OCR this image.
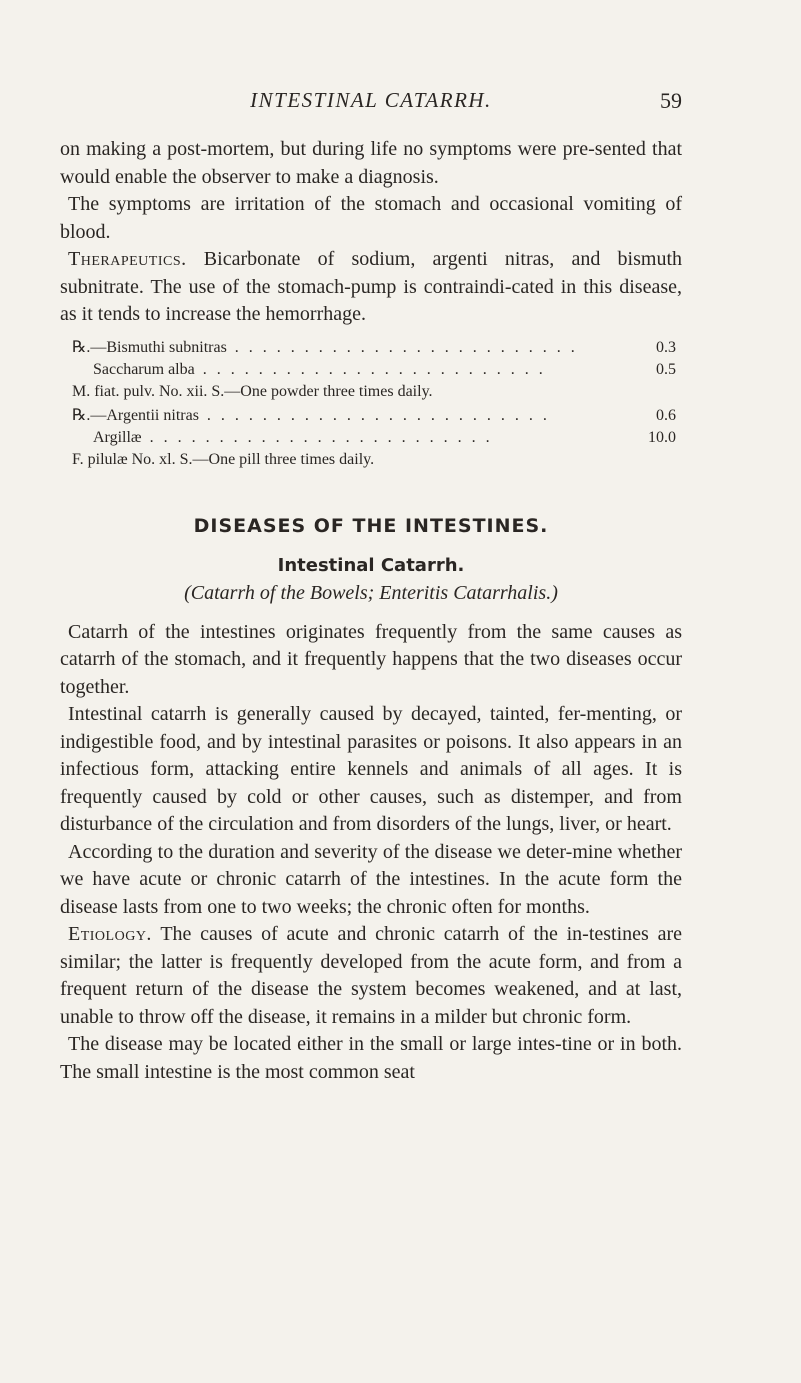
INTESTINAL CATARRH.	59

on making a post-mortem, but during life no symptoms were pre-sented that would enable the observer to make a diagnosis.

The symptoms are irritation of the stomach and occasional vomiting of blood.

Therapeutics. Bicarbonate of sodium, argenti nitras, and bismuth subnitrate. The use of the stomach-pump is contraindi-cated in this disease, as it tends to increase the hemorrhage.

℞.—Bismuthi subnitras .........................	0.3
Saccharum alba .........................	0.5
M. fiat. pulv. No. xii. S.—One powder three times daily.
℞.—Argentii nitras .........................	0.6
Argillæ .........................	10.0
F. pilulæ No. xl. S.—One pill three times daily.
DISEASES OF THE INTESTINES.
Intestinal Catarrh.
(Catarrh of the Bowels; Enteritis Catarrhalis.)

Catarrh of the intestines originates frequently from the same causes as catarrh of the stomach, and it frequently happens that the two diseases occur together.

Intestinal catarrh is generally caused by decayed, tainted, fer-menting, or indigestible food, and by intestinal parasites or poisons. It also appears in an infectious form, attacking entire kennels and animals of all ages. It is frequently caused by cold or other causes, such as distemper, and from disturbance of the circulation and from disorders of the lungs, liver, or heart.

According to the duration and severity of the disease we deter-mine whether we have acute or chronic catarrh of the intestines. In the acute form the disease lasts from one to two weeks; the chronic often for months.

Etiology. The causes of acute and chronic catarrh of the in-testines are similar; the latter is frequently developed from the acute form, and from a frequent return of the disease the system becomes weakened, and at last, unable to throw off the disease, it remains in a milder but chronic form.

The disease may be located either in the small or large intes-tine or in both. The small intestine is the most common seat
